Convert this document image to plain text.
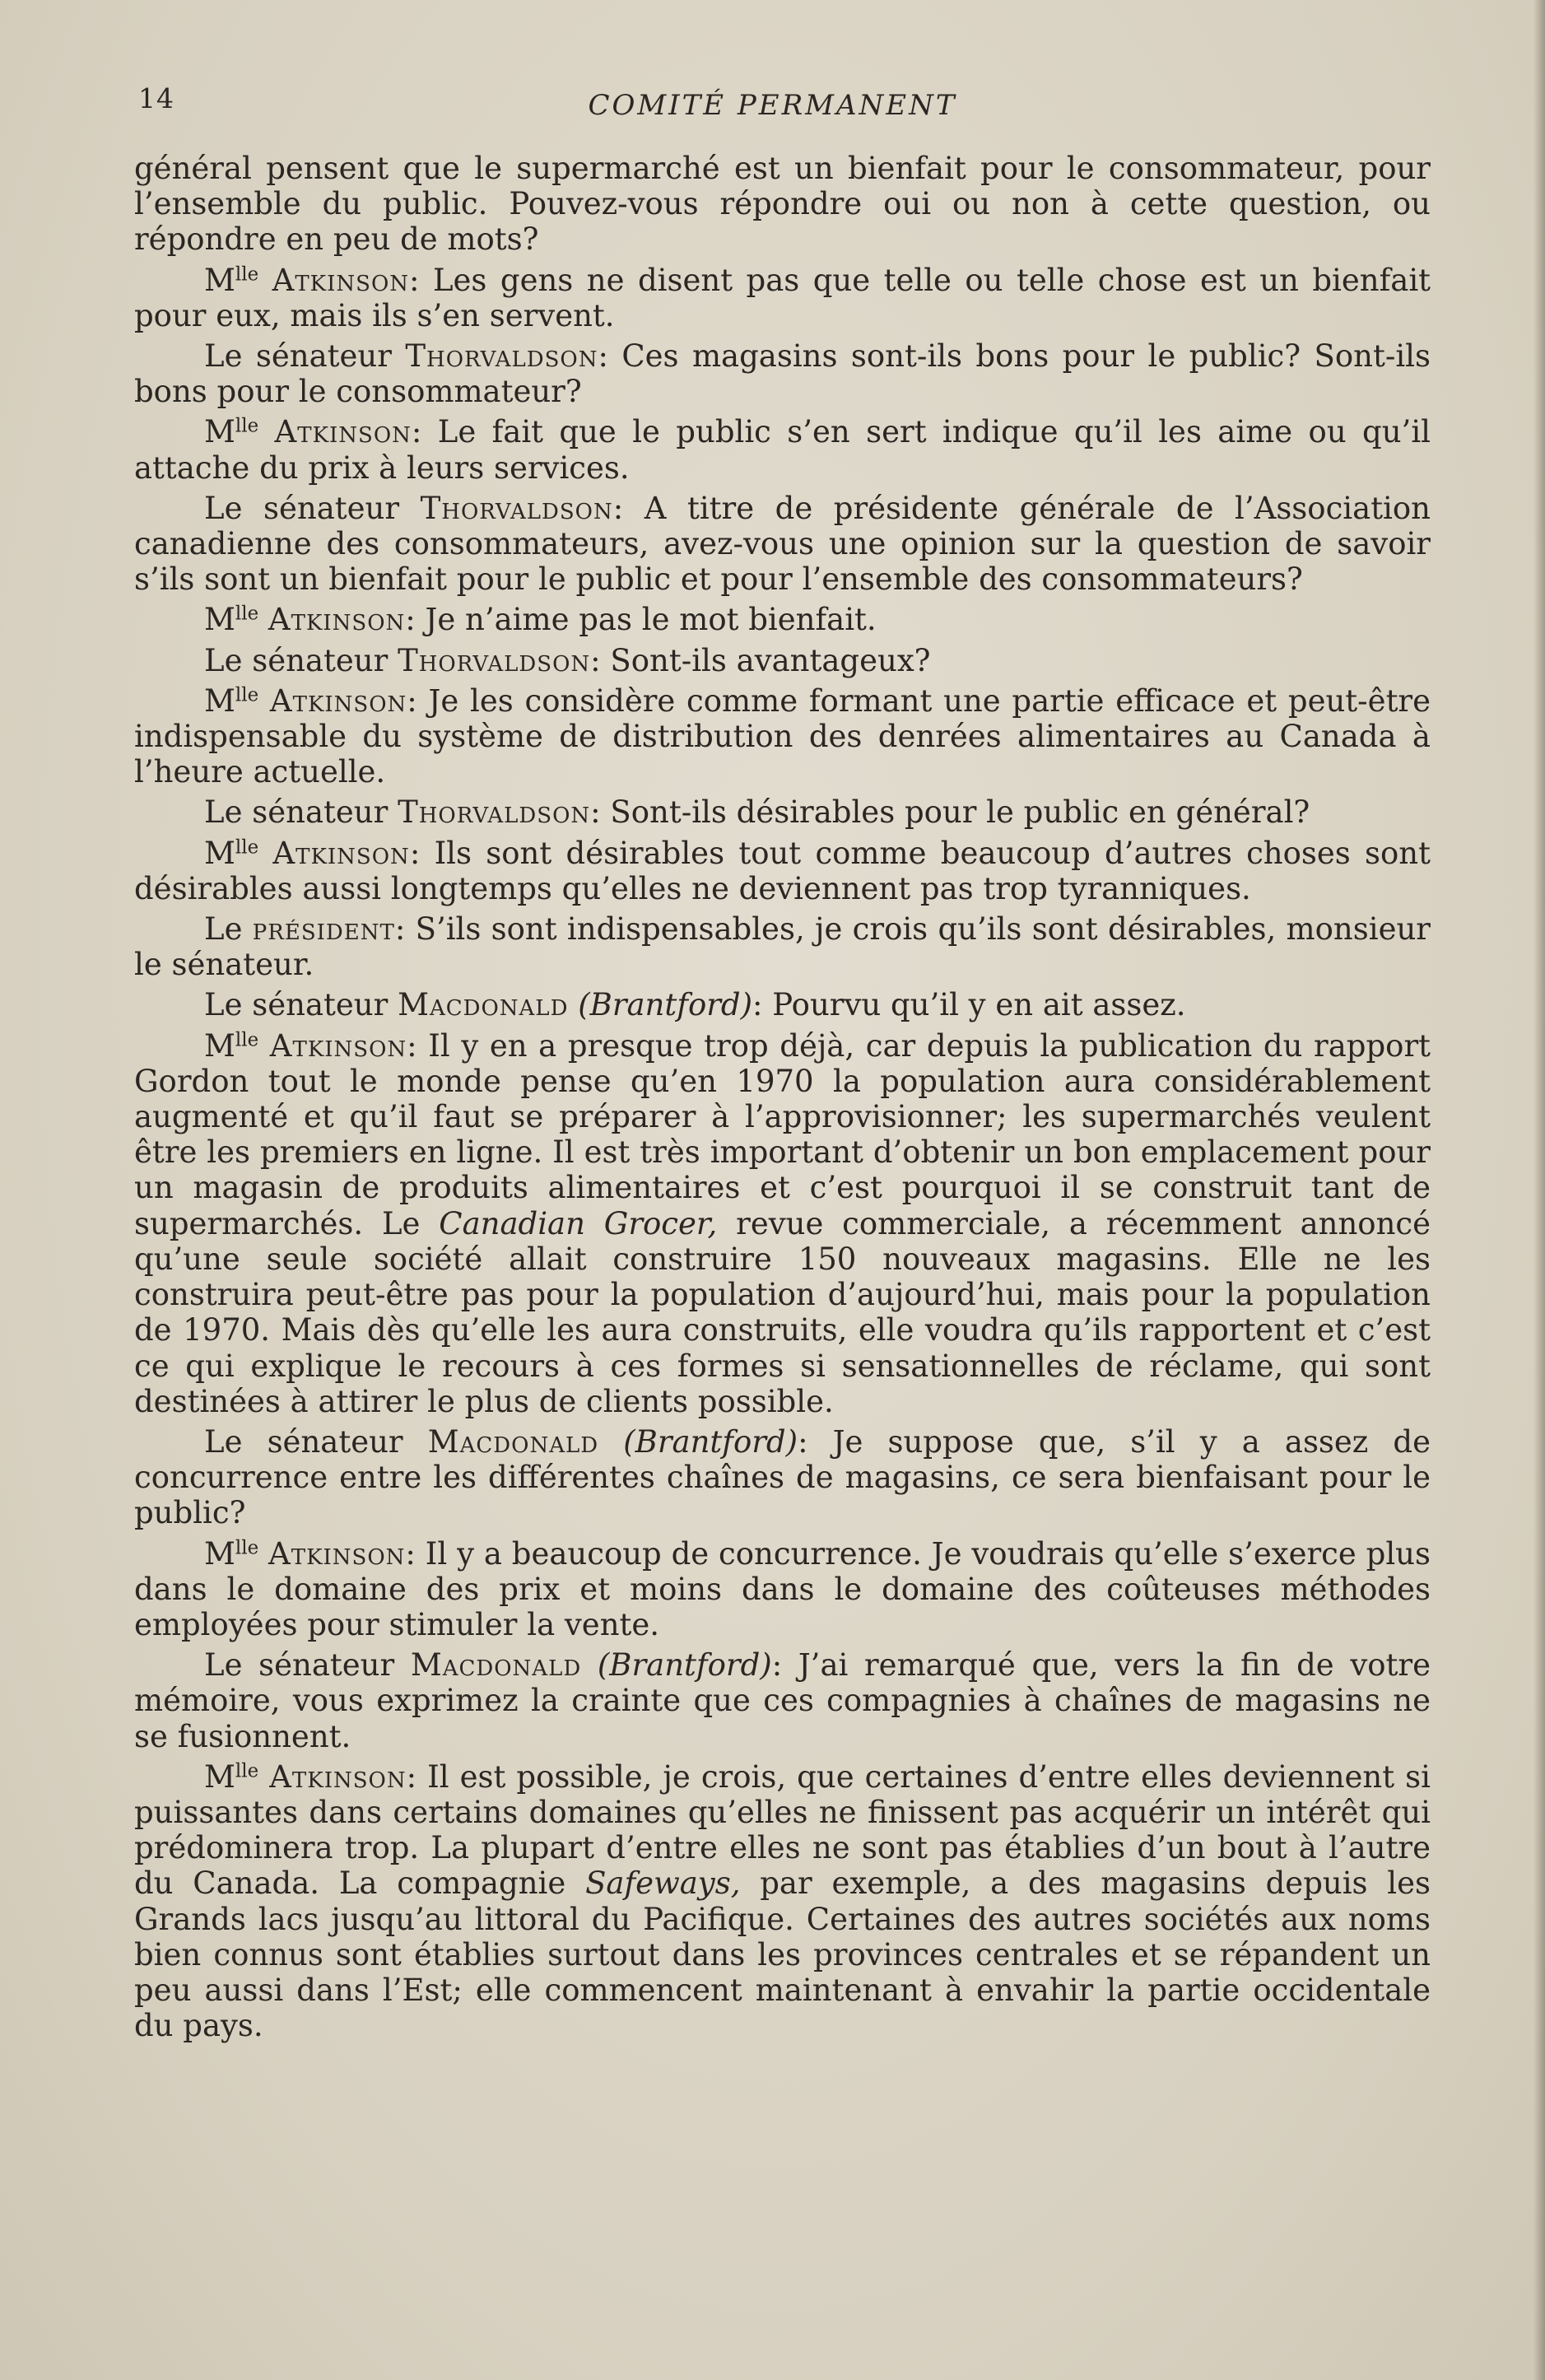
14	COMITÉ PERMANENT

général pensent que le supermarché est un bienfait pour le consommateur, pour l’ensemble du public. Pouvez-vous répondre oui ou non à cette question, ou répondre en peu de mots?

$M^{lle}$ Atkinson: Les gens ne disent pas que telle ou telle chose est un bienfait pour eux, mais ils s’en servent.

Le sénateur Thorvaldson: Ces magasins sont-ils bons pour le public? Sont-ils bons pour le consommateur?

$M^{lle}$ Atkinson: Le fait que le public s’en sert indique qu’il les aime ou qu’il attache du prix à leurs services.

Le sénateur Thorvaldson: A titre de présidente générale de l’Association canadienne des consommateurs, avez-vous une opinion sur la question de savoir s’ils sont un bienfait pour le public et pour l’ensemble des consommateurs?

$M^{lle}$ Atkinson: Je n’aime pas le mot bienfait.

Le sénateur Thorvaldson: Sont-ils avantageux?

$M^{lle}$ Atkinson: Je les considère comme formant une partie efficace et peut-être indispensable du système de distribution des denrées alimentaires au Canada à l’heure actuelle.

Le sénateur Thorvaldson: Sont-ils désirables pour le public en général?

$M^{lle}$ Atkinson: Ils sont désirables tout comme beaucoup d’autres choses sont désirables aussi longtemps qu’elles ne deviennent pas trop tyranniques.

Le président: S’ils sont indispensables, je crois qu’ils sont désirables, monsieur le sénateur.

Le sénateur Macdonald (Brantford): Pourvu qu’il y en ait assez.

$M^{lle}$ Atkinson: Il y en a presque trop déjà, car depuis la publication du rapport Gordon tout le monde pense qu’en 1970 la population aura considérablement augmenté et qu’il faut se préparer à l’approvisionner; les supermarchés veulent être les premiers en ligne. Il est très important d’obtenir un bon emplacement pour un magasin de produits alimentaires et c’est pourquoi il se construit tant de supermarchés. Le Canadian Grocer, revue commerciale, a récemment annoncé qu’une seule société allait construire 150 nouveaux magasins. Elle ne les construira peut-être pas pour la population d’aujourd’hui, mais pour la population de 1970. Mais dès qu’elle les aura construits, elle voudra qu’ils rapportent et c’est ce qui explique le recours à ces formes si sensationnelles de réclame, qui sont destinées à attirer le plus de clients possible.

Le sénateur Macdonald (Brantford): Je suppose que, s’il y a assez de concurrence entre les différentes chaînes de magasins, ce sera bienfaisant pour le public?

$M^{lle}$ Atkinson: Il y a beaucoup de concurrence. Je voudrais qu’elle s’exerce plus dans le domaine des prix et moins dans le domaine des coûteuses méthodes employées pour stimuler la vente.

Le sénateur Macdonald (Brantford): J’ai remarqué que, vers la fin de votre mémoire, vous exprimez la crainte que ces compagnies à chaînes de magasins ne se fusionnent.

$M^{lle}$ Atkinson: Il est possible, je crois, que certaines d’entre elles deviennent si puissantes dans certains domaines qu’elles ne finissent pas acquérir un intérêt qui prédominera trop. La plupart d’entre elles ne sont pas établies d’un bout à l’autre du Canada. La compagnie Safeways, par exemple, a des magasins depuis les Grands lacs jusqu’au littoral du Pacifique. Certaines des autres sociétés aux noms bien connus sont établies surtout dans les provinces centrales et se répandent un peu aussi dans l’Est; elle commencent maintenant à envahir la partie occidentale du pays.
